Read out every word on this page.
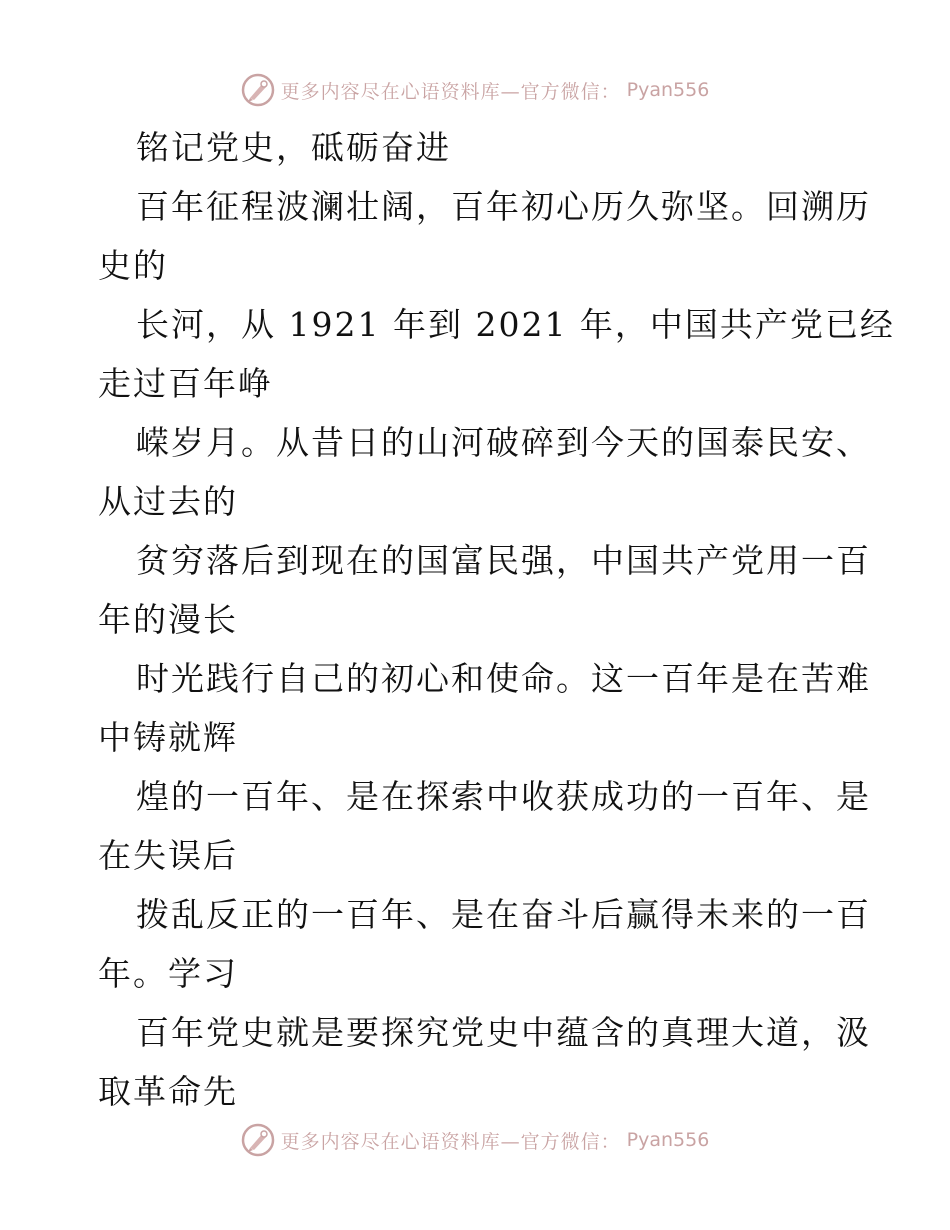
更多内容尽在心语资料库—官方微信： Pyan556
铭记党史，砥砺奋进
百年征程波澜壮阔，百年初心历久弥坚。回溯历
史的
长河，从 1921 年到 2021 年，中国共产党已经
走过百年峥
嵘岁月。从昔日的山河破碎到今天的国泰民安、
从过去的
贫穷落后到现在的国富民强，中国共产党用一百
年的漫长
时光践行自己的初心和使命。这一百年是在苦难
中铸就辉
煌的一百年、是在探索中收获成功的一百年、是
在失误后
拨乱反正的一百年、是在奋斗后赢得未来的一百
年。学习
百年党史就是要探究党史中蕴含的真理大道，汲
取革命先
更多内容尽在心语资料库—官方微信： Pyan556
